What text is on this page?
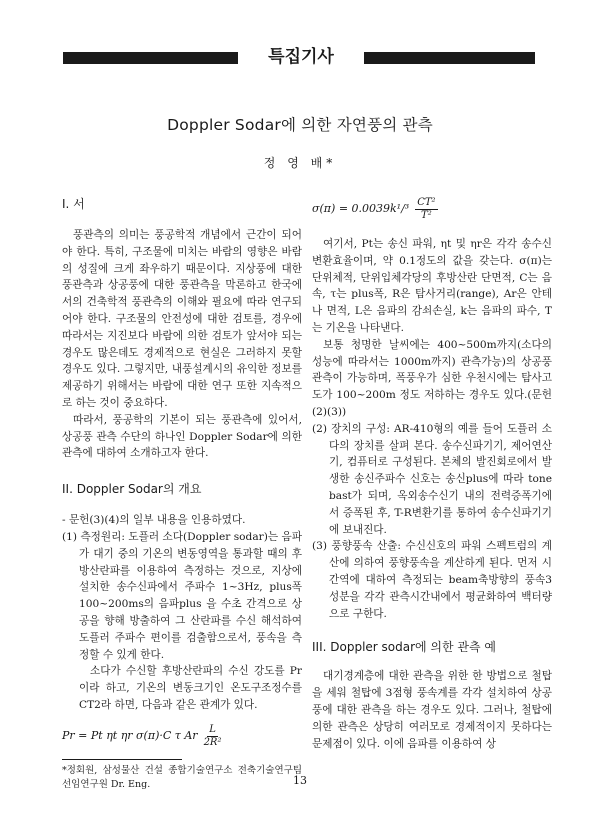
특집기사
Doppler Sodar에 의한 자연풍의 관측
정 영 배*
I. 서

풍관측의 의미는 풍공학적 개념에서 근간이 되어야 한다. 특히, 구조물에 미치는 바람의 영향은 바람의 성질에 크게 좌우하기 때문이다. 지상풍에 대한 풍관측과 상공풍에 대한 풍관측을 막론하고 한국에서의 건축학적 풍관측의 이해와 필요에 따라 연구되어야 한다. 구조물의 안전성에 대한 검토를, 경우에 따라서는 지진보다 바람에 의한 검토가 앞서야 되는 경우도 많은데도 경제적으로 현실은 그러하지 못할 경우도 있다. 그렇지만, 내풍설계시의 유익한 정보를 제공하기 위해서는 바람에 대한 연구 또한 지속적으로 하는 것이 중요하다.

따라서, 풍공학의 기본이 되는 풍관측에 있어서, 상공풍 관측 수단의 하나인 Doppler Sodar에 의한 관측에 대하여 소개하고자 한다.

II. Doppler Sodar의 개요

- 문헌(3)(4)의 일부 내용을 인용하였다.

(1) 측정원리: 도플러 소다(Doppler sodar)는 음파가 대기 중의 기온의 변동영역을 통과할 때의 후방산란파를 이용하여 측정하는 것으로, 지상에 설치한 송수신파에서 주파수 1~3Hz, plus폭 100~200ms의 음파plus 을 수초 간격으로 상공을 향해 방출하여 그 산란파를 수신 해석하여 도플러 주파수 편이를 검출함으로서, 풍속을 측정할 수 있게 한다.

소다가 수신할 후방산란파의 수신 강도를 Pr이라 하고, 기온의 변동크기인 온도구조정수를 CT2라 하면, 다음과 같은 관계가 있다.

Pr = Pt ηt ηr σ(π)·C τ Ar $\frac{L}{\text{2R²}}$
*정회원, 삼성물산 건설 종합기술연구소 전축기술연구팀 선임연구원 Dr. Eng.
$\sigma(\pi) = 0.0039k^1/^3 \frac{\text{CT²}}{\text{T²}}$

여기서, Pt는 송신 파워, ηt 및 ηr은 각각 송수신 변환효율이며, 약 0.1정도의 값을 갖는다. σ(π)는 단위체적, 단위입체각당의 후방산란 단면적, C는 음속, τ는 plus폭, R은 탐사거리(range), Ar은 안테나 면적, L은 음파의 감쇠손실, k는 음파의 파수, T는 기온을 나타낸다.

보통 청명한 날씨에는 400~500m까지(소다의 성능에 따라서는 1000m까지) 관측가능)의 상공풍 관측이 가능하며, 폭풍우가 심한 우천시에는 탐사고도가 100~200m 정도 저하하는 경우도 있다.(문헌(2)(3))

(2) 장치의 구성: AR-410형의 예를 들어 도플러 소다의 장치를 살펴 본다. 송수신파기기, 제어연산기, 컴퓨터로 구성된다. 본체의 발진회로에서 발생한 송신주파수 신호는 송신plus에 따라 tone bast가 되며, 옥외송수신기 내의 전력증폭기에서 증폭된 후, T-R변환기를 통하여 송수신파기기에 보내진다.

(3) 풍향풍속 산출: 수신신호의 파워 스펙트럼의 계산에 의하여 풍향풍속을 계산하게 된다. 먼저 시간역에 대하여 측정되는 beam축방향의 풍속3성분을 각각 관측시간내에서 평균화하여 백터량으로 구한다.

III. Doppler sodar에 의한 관측 예

대기경계층에 대한 관측을 위한 한 방법으로 철탑을 세워 철탑에 3점형 풍속계를 각각 설치하여 상공풍에 대한 관측을 하는 경우도 있다. 그러나, 철탑에 의한 관측은 상당히 여러모로 경제적이지 못하다는 문제점이 있다. 이에 음파를 이용하여 상

13
